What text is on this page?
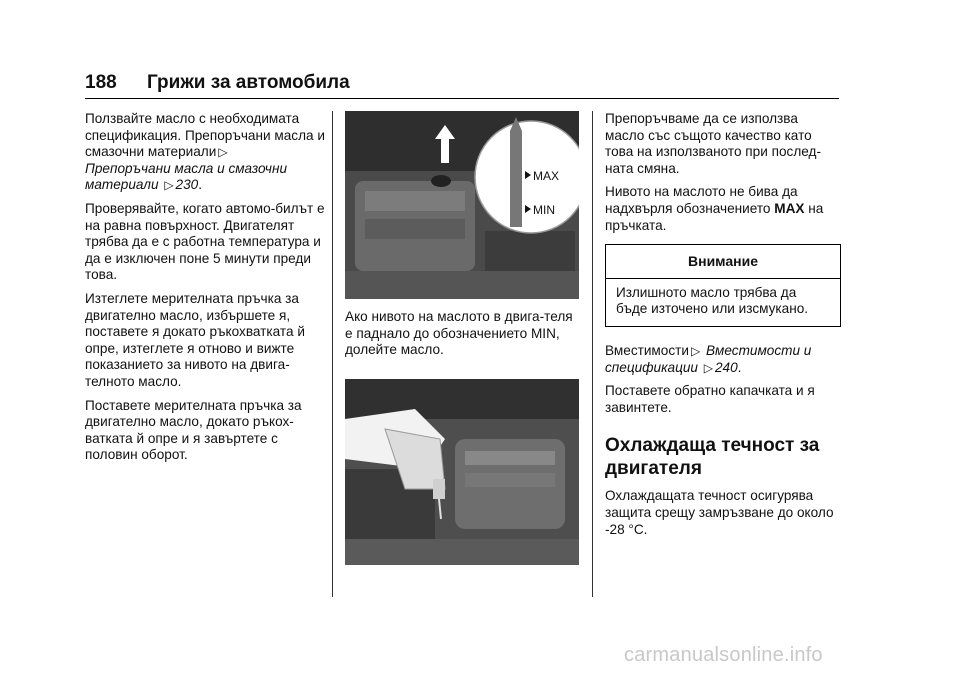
188 Грижи за автомобила

Ползвайте масло с необходимата спецификация. Препоръчани масла и смазочни материали ▷
Препоръчани масла и смазочни материали ▷ 230.

Проверявайте, когато автомо-билът е на равна повърхност. Двигателят трябва да е с работна температура и да е изключен поне 5 минути преди това.

Изтеглете мерителната пръчка за двигателно масло, избършете я, поставете я докато ръкохватката й опре, изтеглете я отново и вижте показанието за нивото на двига-телното масло.

Поставете мерителната пръчка за двигателно масло, докато ръкох-ватката й опре и я завъртете с половин оборот.

MAX
MIN

Ако нивото на маслото в двига-теля е паднало до обозначението MIN, долейте масло.

Препоръчваме да се използва масло със същото качество като това на използваното при послед-ната смяна.

Нивото на маслото не бива да надхвърля обозначението MAX на пръчката.

Внимание
Излишното масло трябва да бъде източено или изсмукано.

Вместимости ▷ Вместимости и спецификации ▷ 240.

Поставете обратно капачката и я завинтете.

Охлаждаща течност за двигателя

Охлаждащата течност осигурява защита срещу замръзване до около -28 °C.

carmanualsonline.info
